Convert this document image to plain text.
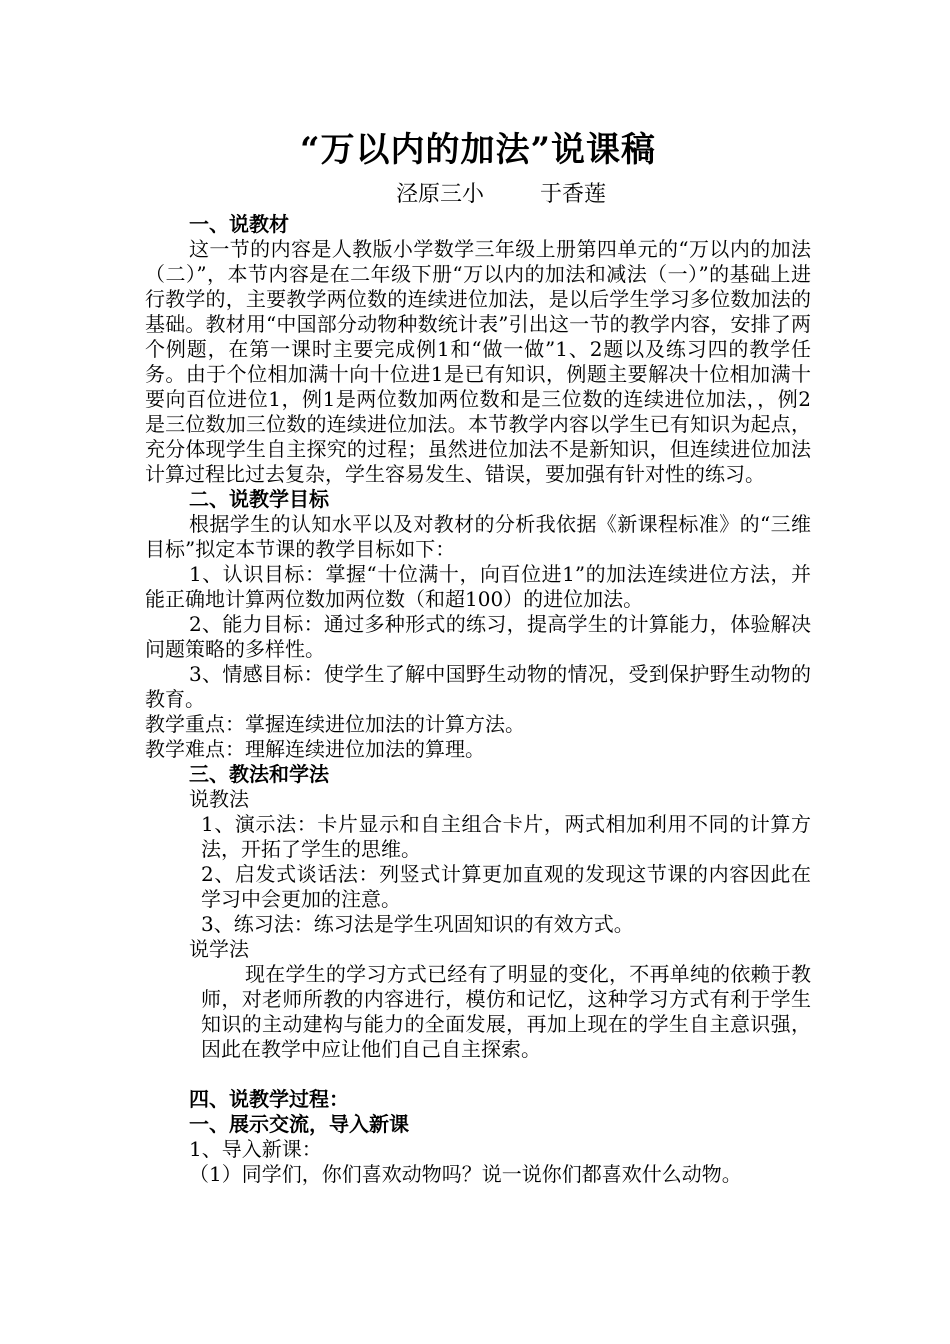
“万以内的加法”说课稿
泾原三小	于香莲
一、说教材
这一节的内容是人教版小学数学三年级上册第四单元的“万以内的加法（二）”，本节内容是在二年级下册“万以内的加法和减法（一）”的基础上进行教学的，主要教学两位数的连续进位加法，是以后学生学习多位数加法的基础。教材用“中国部分动物种数统计表”引出这一节的教学内容，安排了两个例题，在第一课时主要完成例1和“做一做”1、2题以及练习四的教学任务。由于个位相加满十向十位进1是已有知识，例题主要解决十位相加满十要向百位进位1，例1是两位数加两位数和是三位数的连续进位加法，，例2是三位数加三位数的连续进位加法。本节教学内容以学生已有知识为起点，充分体现学生自主探究的过程；虽然进位加法不是新知识，但连续进位加法计算过程比过去复杂，学生容易发生、错误，要加强有针对性的练习。
二、说教学目标
根据学生的认知水平以及对教材的分析我依据《新课程标准》的“三维目标”拟定本节课的教学目标如下：
1、认识目标：掌握“十位满十，向百位进1”的加法连续进位方法，并能正确地计算两位数加两位数（和超100）的进位加法。
2、能力目标：通过多种形式的练习，提高学生的计算能力，体验解决问题策略的多样性。
3、情感目标：使学生了解中国野生动物的情况，受到保护野生动物的教育。
教学重点：掌握连续进位加法的计算方法。
教学难点：理解连续进位加法的算理。
三、教法和学法
说教法
1、演示法：卡片显示和自主组合卡片，两式相加利用不同的计算方法，开拓了学生的思维。
2、启发式谈话法：列竖式计算更加直观的发现这节课的内容因此在学习中会更加的注意。
3、练习法：练习法是学生巩固知识的有效方式。
说学法
现在学生的学习方式已经有了明显的变化，不再单纯的依赖于教师，对老师所教的内容进行，模仿和记忆，这种学习方式有利于学生知识的主动建构与能力的全面发展，再加上现在的学生自主意识强，因此在教学中应让他们自己自主探索。
四、说教学过程：
一、展示交流，导入新课
1、导入新课：
（1）同学们，你们喜欢动物吗？说一说你们都喜欢什么动物。
